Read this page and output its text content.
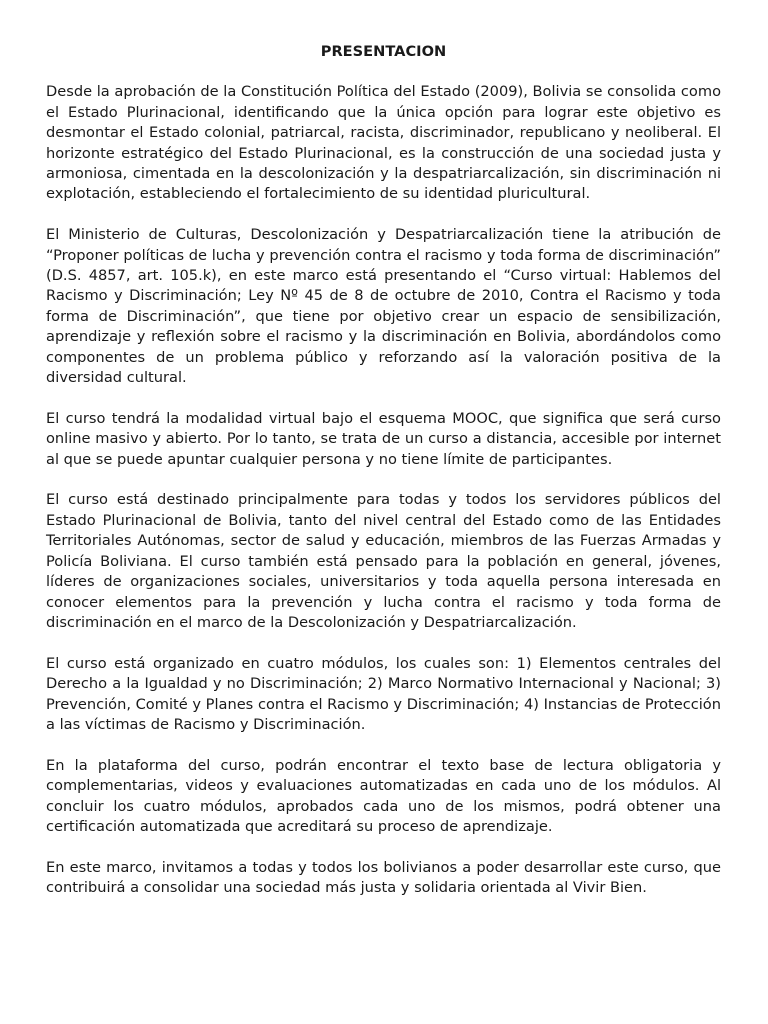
PRESENTACION

Desde la aprobación de la Constitución Política del Estado (2009), Bolivia se consolida como el Estado Plurinacional, identificando que la única opción para lograr este objetivo es desmontar el Estado colonial, patriarcal, racista, discriminador, republicano y neoliberal. El horizonte estratégico del Estado Plurinacional, es la construcción de una sociedad justa y armoniosa, cimentada en la descolonización y la despatriarcalización, sin discriminación ni explotación, estableciendo el fortalecimiento de su identidad pluricultural.

El Ministerio de Culturas, Descolonización y Despatriarcalización tiene la atribución de “Proponer políticas de lucha y prevención contra el racismo y toda forma de discriminación” (D.S. 4857, art. 105.k), en este marco está presentando el “Curso virtual: Hablemos del Racismo y Discriminación; Ley Nº 45 de 8 de octubre de 2010, Contra el Racismo y toda forma de Discriminación”, que tiene por objetivo crear un espacio de sensibilización, aprendizaje y reflexión sobre el racismo y la discriminación en Bolivia, abordándolos como componentes de un problema público y reforzando así la valoración positiva de la diversidad cultural.

El curso tendrá la modalidad virtual bajo el esquema MOOC, que significa que será curso online masivo y abierto. Por lo tanto, se trata de un curso a distancia, accesible por internet al que se puede apuntar cualquier persona y no tiene límite de participantes.

El curso está destinado principalmente para todas y todos los servidores públicos del Estado Plurinacional de Bolivia, tanto del nivel central del Estado como de las Entidades Territoriales Autónomas, sector de salud y educación, miembros de las Fuerzas Armadas y Policía Boliviana. El curso también está pensado para la población en general, jóvenes, líderes de organizaciones sociales, universitarios y toda aquella persona interesada en conocer elementos para la prevención y lucha contra el racismo y toda forma de discriminación en el marco de la Descolonización y Despatriarcalización.

El curso está organizado en cuatro módulos, los cuales son: 1) Elementos centrales del Derecho a la Igualdad y no Discriminación; 2) Marco Normativo Internacional y Nacional; 3) Prevención, Comité y Planes contra el Racismo y Discriminación; 4) Instancias de Protección a las víctimas de Racismo y Discriminación.

En la plataforma del curso, podrán encontrar el texto base de lectura obligatoria y complementarias, videos y evaluaciones automatizadas en cada uno de los módulos. Al concluir los cuatro módulos, aprobados cada uno de los mismos, podrá obtener una certificación automatizada que acreditará su proceso de aprendizaje.

En este marco, invitamos a todas y todos los bolivianos a poder desarrollar este curso, que contribuirá a consolidar una sociedad más justa y solidaria orientada al Vivir Bien.
